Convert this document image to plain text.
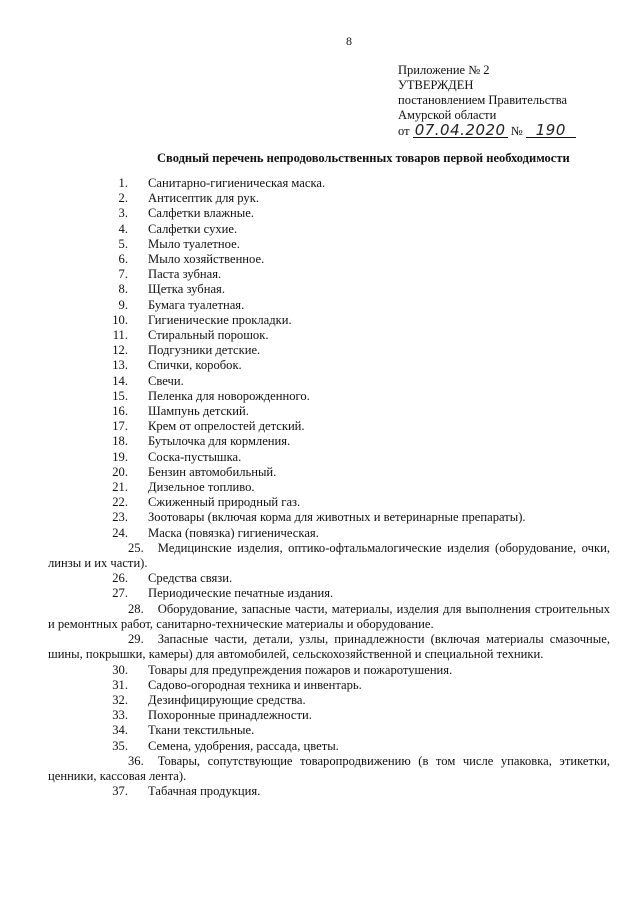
8
Приложение № 2
УТВЕРЖДЕН
постановлением Правительства
Амурской области
от 07.04.2020 № 190
Сводный перечень непродовольственных товаров первой необходимости
1. Санитарно-гигиеническая маска.
2. Антисептик для рук.
3. Салфетки влажные.
4. Салфетки сухие.
5. Мыло туалетное.
6. Мыло хозяйственное.
7. Паста зубная.
8. Щетка зубная.
9. Бумага туалетная.
10. Гигиенические прокладки.
11. Стиральный порошок.
12. Подгузники детские.
13. Спички, коробок.
14. Свечи.
15. Пеленка для новорожденного.
16. Шампунь детский.
17. Крем от опрелостей детский.
18. Бутылочка для кормления.
19. Соска-пустышка.
20. Бензин автомобильный.
21. Дизельное топливо.
22. Сжиженный природный газ.
23. Зоотовары (включая корма для животных и ветеринарные препараты).
24. Маска (повязка) гигиеническая.
25. Медицинские изделия, оптико-офтальмалогические изделия (оборудование, очки, линзы и их части).
26. Средства связи.
27. Периодические печатные издания.
28. Оборудование, запасные части, материалы, изделия для выполнения строительных и ремонтных работ, санитарно-технические материалы и оборудование.
29. Запасные части, детали, узлы, принадлежности (включая материалы смазочные, шины, покрышки, камеры) для автомобилей, сельскохозяйственной и специальной техники.
30. Товары для предупреждения пожаров и пожаротушения.
31. Садово-огородная техника и инвентарь.
32. Дезинфицирующие средства.
33. Похоронные принадлежности.
34. Ткани текстильные.
35. Семена, удобрения, рассада, цветы.
36. Товары, сопутствующие товаропродвижению (в том числе упаковка, этикетки, ценники, кассовая лента).
37. Табачная продукция.
